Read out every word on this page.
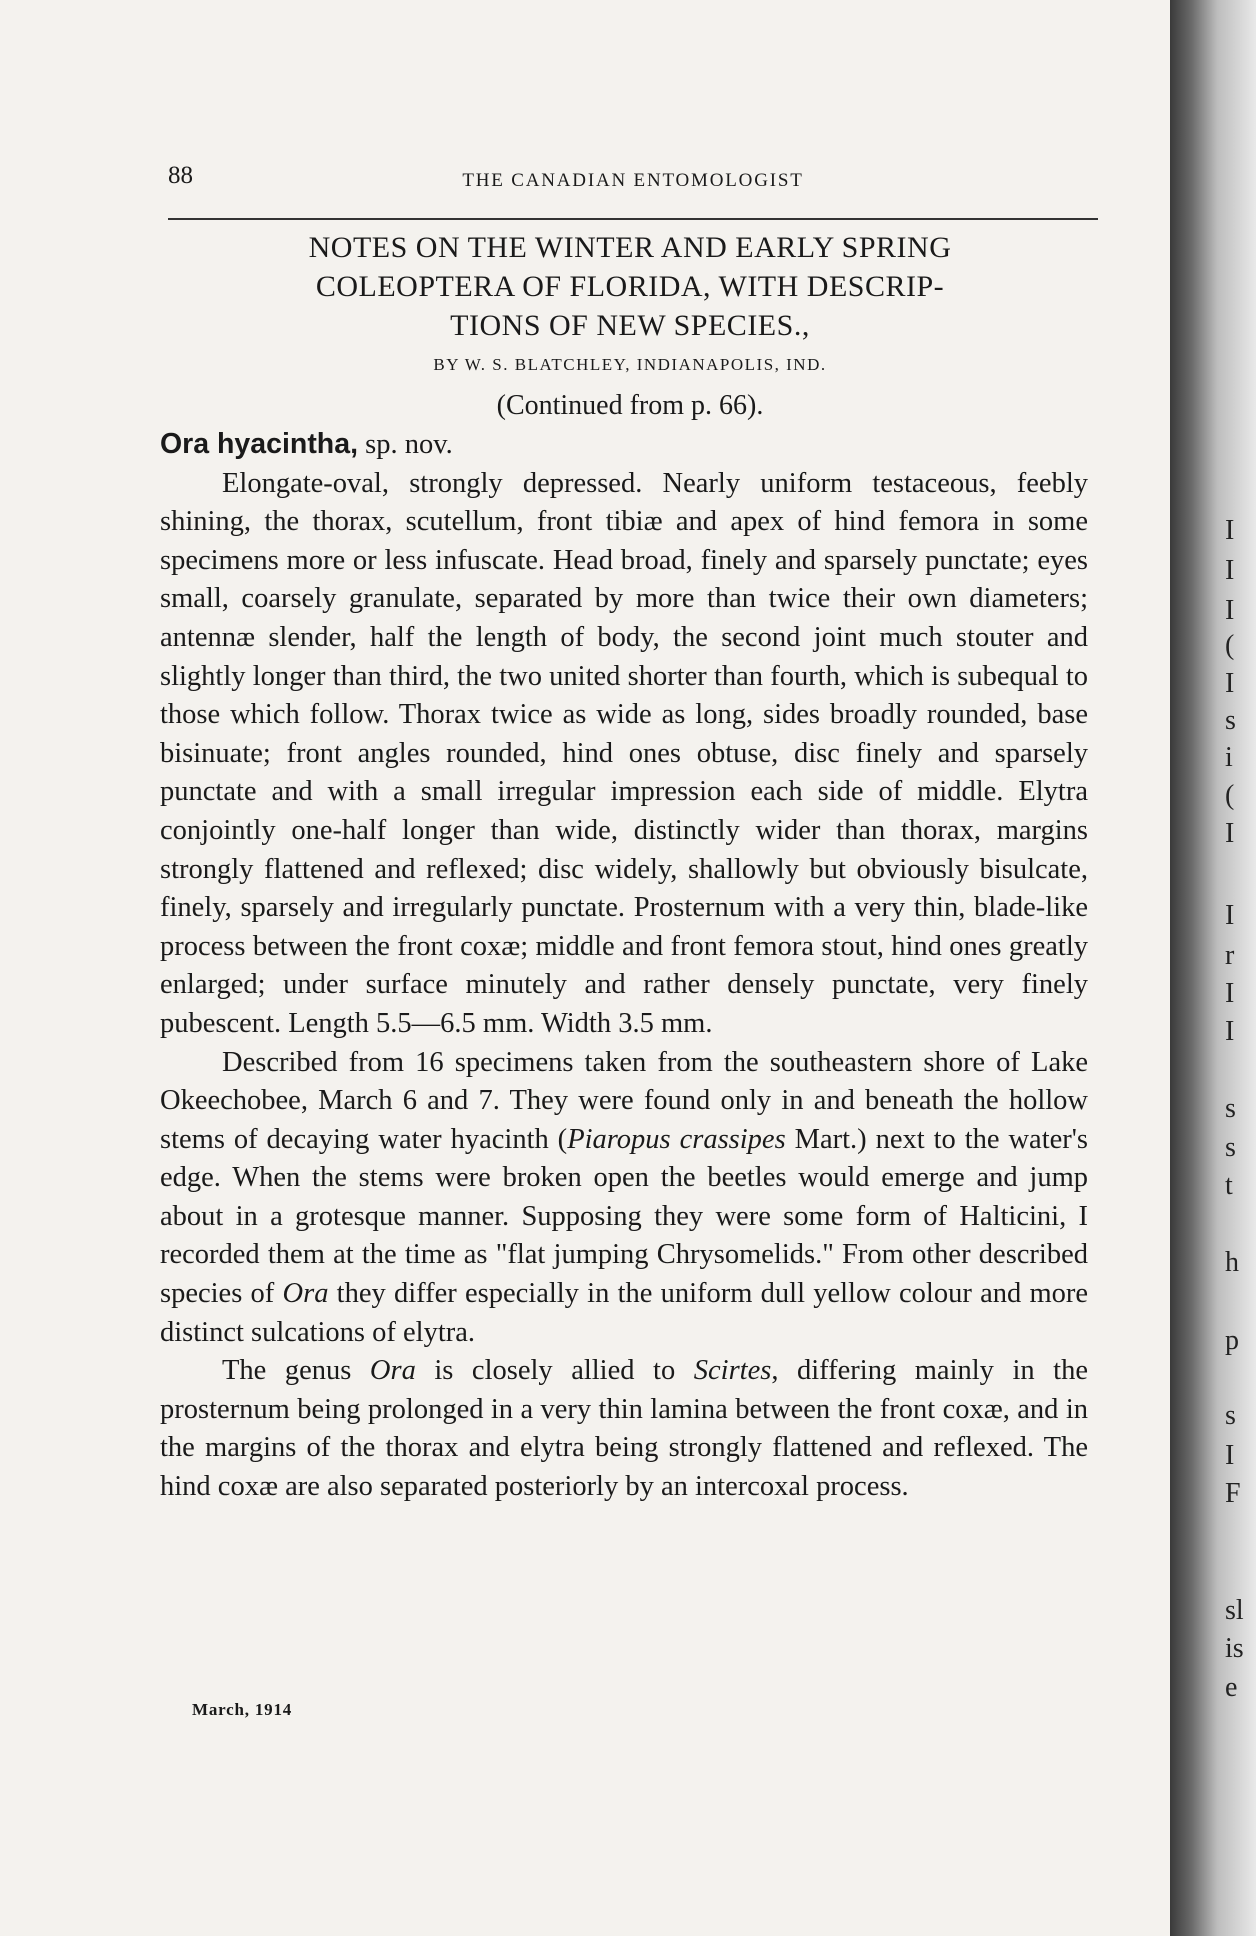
88	THE CANADIAN ENTOMOLOGIST
NOTES ON THE WINTER AND EARLY SPRING
COLEOPTERA OF FLORIDA, WITH DESCRIP-
TIONS OF NEW SPECIES.,
BY W. S. BLATCHLEY, INDIANAPOLIS, IND.
(Continued from p. 66).

Ora hyacintha, sp. nov.

Elongate-oval, strongly depressed. Nearly uniform testaceous, feebly shining, the thorax, scutellum, front tibiæ and apex of hind femora in some specimens more or less infuscate. Head broad, finely and sparsely punctate; eyes small, coarsely granulate, separated by more than twice their own diameters; antennæ slender, half the length of body, the second joint much stouter and slightly longer than third, the two united shorter than fourth, which is subequal to those which follow. Thorax twice as wide as long, sides broadly rounded, base bisinuate; front angles rounded, hind ones obtuse, disc finely and sparsely punctate and with a small irregular impression each side of middle. Elytra conjointly one-half longer than wide, distinctly wider than thorax, margins strongly flattened and reflexed; disc widely, shallowly but obviously bisulcate, finely, sparsely and irregularly punctate. Prosternum with a very thin, blade-like process between the front coxæ; middle and front femora stout, hind ones greatly enlarged; under surface minutely and rather densely punctate, very finely pubescent. Length 5.5—6.5 mm. Width 3.5 mm.

Described from 16 specimens taken from the southeastern shore of Lake Okeechobee, March 6 and 7. They were found only in and beneath the hollow stems of decaying water hyacinth (Piaropus crassipes Mart.) next to the water's edge. When the stems were broken open the beetles would emerge and jump about in a grotesque manner. Supposing they were some form of Halticini, I recorded them at the time as "flat jumping Chrysomelids." From other described species of Ora they differ especially in the uniform dull yellow colour and more distinct sulcations of elytra.

The genus Ora is closely allied to Scirtes, differing mainly in the prosternum being prolonged in a very thin lamina between the front coxæ, and in the margins of the thorax and elytra being strongly flattened and reflexed. The hind coxæ are also separated posteriorly by an intercoxal process.

March, 1914
I
I
I
(
I
s
i
(
I
I
r
I
I
s
s
t
h
p
s
I
F
sl
is
e
